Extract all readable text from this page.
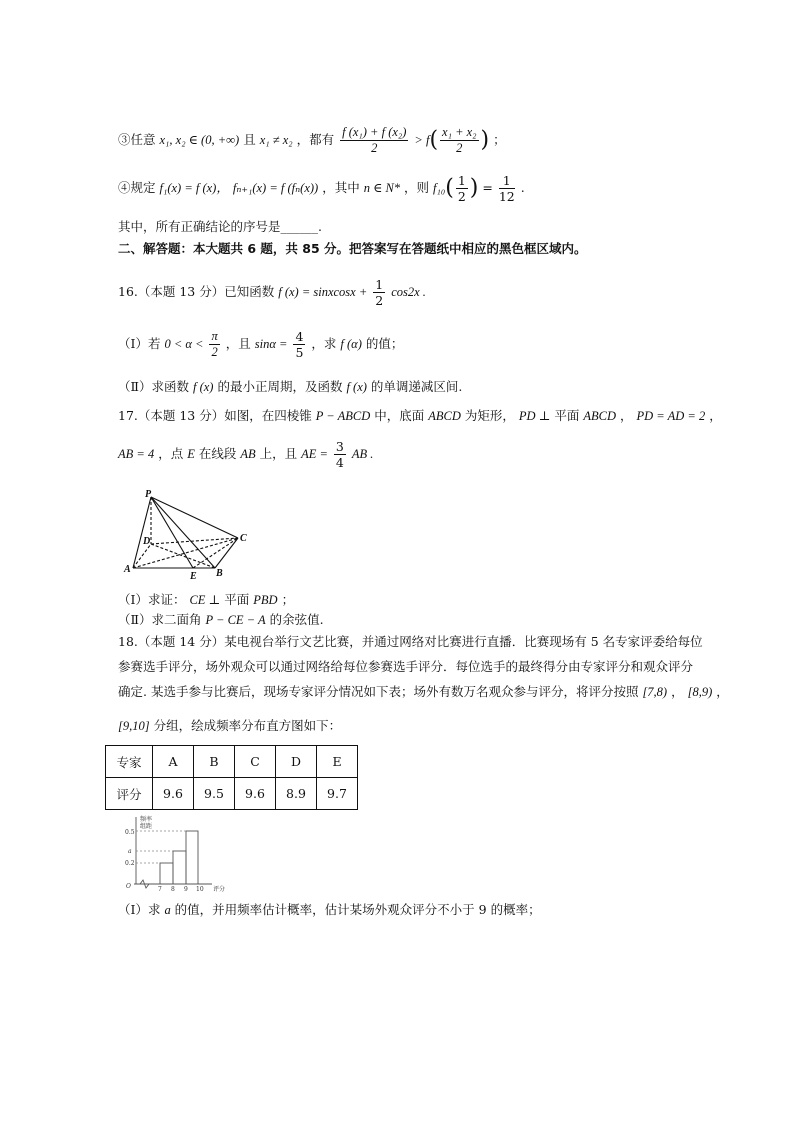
③任意 x₁, x₂ ∈ (0, +∞) 且 x₁ ≠ x₂ ，都有 $\frac{\text{f (x₁) + f (x₂)}}{2} > f( \frac{\text{x₁ + x₂}}{2}$ ) ；
④规定 f₁(x) = f (x)， fₙ₊₁(x) = f (fₙ(x)) ，其中 n ∈ N* ，则 $f_{10}( \frac{1}{2}$ ) = $\frac{1}{12}$ .
其中，所有正确结论的序号是______.
二、解答题：本大题共 6 题，共 85 分。把答案写在答题纸中相应的黑色框区域内。
16.（本题 13 分）已知函数 f (x) = sinxcosx + $\frac{1}{2} \cos 2x$ .
（Ⅰ）若 $0 < \alpha < \frac{\pi}{2}$ ，且 $\sin\alpha = \frac{4}{5}$ ，求 f (α) 的值；
（Ⅱ）求函数 f (x) 的最小正周期，及函数 f (x) 的单调递减区间.
17.（本题 13 分）如图，在四棱锥 P − ABCD 中，底面 ABCD 为矩形， PD ⊥ 平面 ABCD ， PD = AD = 2 ，
AB = 4 ，点 E 在线段 AB 上，且 AE = $\frac{3}{4}$ AB .
P
D	C
A
E B
（Ⅰ）求证： CE ⊥ 平面 PBD ；
（Ⅱ）求二面角 P − CE − A 的余弦值.
18.（本题 14 分）某电视台举行文艺比赛，并通过网络对比赛进行直播．比赛现场有 5 名专家评委给每位
参赛选手评分，场外观众可以通过网络给每位参赛选手评分．每位选手的最终得分由专家评分和观众评分
确定. 某选手参与比赛后，现场专家评分情况如下表；场外有数万名观众参与评分，将评分按照 [7,8) ， [8,9) ，
[9,10] 分组，绘成频率分布直方图如下：
专家	A	B	C	D	E
评分	9.6	9.5	9.6	8.9	9.7
频率
组距
0.5
a
0.2
O	7 8 9 10 评分
（Ⅰ）求 a 的值，并用频率估计概率，估计某场外观众评分不小于 9 的概率；
